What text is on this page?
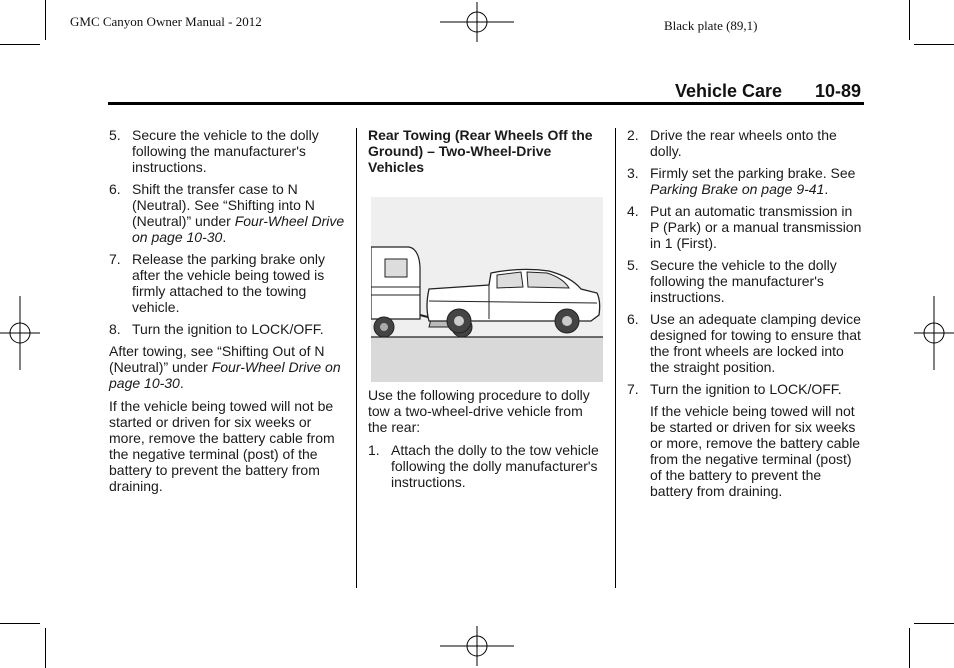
GMC Canyon Owner Manual - 2012	Black plate (89,1)
Vehicle Care 10-89
5. Secure the vehicle to the dolly following the manufacturer's instructions.
6. Shift the transfer case to N (Neutral). See “Shifting into N (Neutral)” under Four-Wheel Drive on page 10-30.
7. Release the parking brake only after the vehicle being towed is firmly attached to the towing vehicle.
8. Turn the ignition to LOCK/OFF.

After towing, see “Shifting Out of N (Neutral)” under Four-Wheel Drive on page 10-30.

If the vehicle being towed will not be started or driven for six weeks or more, remove the battery cable from the negative terminal (post) of the battery to prevent the battery from draining.

Rear Towing (Rear Wheels Off the Ground) – Two-Wheel-Drive Vehicles

Use the following procedure to dolly tow a two-wheel-drive vehicle from the rear:

1. Attach the dolly to the tow vehicle following the dolly manufacturer's instructions.
2. Drive the rear wheels onto the dolly.
3. Firmly set the parking brake. See Parking Brake on page 9-41.
4. Put an automatic transmission in P (Park) or a manual transmission in 1 (First).
5. Secure the vehicle to the dolly following the manufacturer's instructions.
6. Use an adequate clamping device designed for towing to ensure that the front wheels are locked into the straight position.
7. Turn the ignition to LOCK/OFF.

If the vehicle being towed will not be started or driven for six weeks or more, remove the battery cable from the negative terminal (post) of the battery to prevent the battery from draining.
